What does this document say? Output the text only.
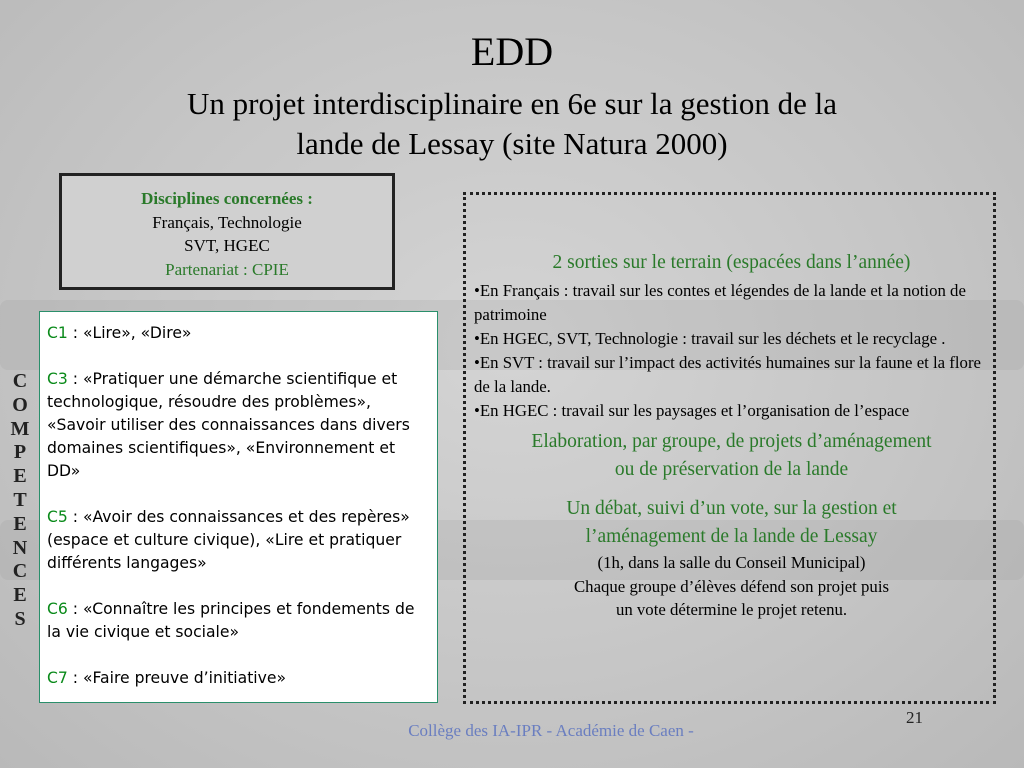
EDD
Un projet interdisciplinaire en 6e sur la gestion de la
lande de Lessay (site Natura 2000)
Disciplines concernées :
Français, Technologie
SVT, HGEC
Partenariat : CPIE
C
O
M
P
E
T
E
N
C
E
S

C1 : «Lire», «Dire»

C3 : «Pratiquer une démarche scientifique et technologique, résoudre des problèmes», «Savoir utiliser des connaissances dans divers domaines scientifiques», «Environnement et DD»

C5 : «Avoir des connaissances et des repères» (espace et culture civique), «Lire et pratiquer différents langages»

C6 : «Connaître les principes et fondements de la vie civique et sociale»

C7 : «Faire preuve d’initiative»

2 sorties sur le terrain (espacées dans l’année)
•En Français : travail sur les contes et légendes de la lande et la notion de patrimoine
•En HGEC, SVT, Technologie : travail sur les déchets et le recyclage .
•En SVT : travail sur l’impact des activités humaines sur la faune et la flore de la lande.
•En HGEC : travail sur les paysages et l’organisation de l’espace
Elaboration, par groupe, de projets d’aménagement
ou de préservation de la lande
Un débat, suivi d’un vote, sur la gestion et
l’aménagement de la lande de Lessay
(1h, dans la salle du Conseil Municipal)
Chaque groupe d’élèves défend son projet puis
un vote détermine le projet retenu.
21
Collège des IA-IPR - Académie de Caen -
